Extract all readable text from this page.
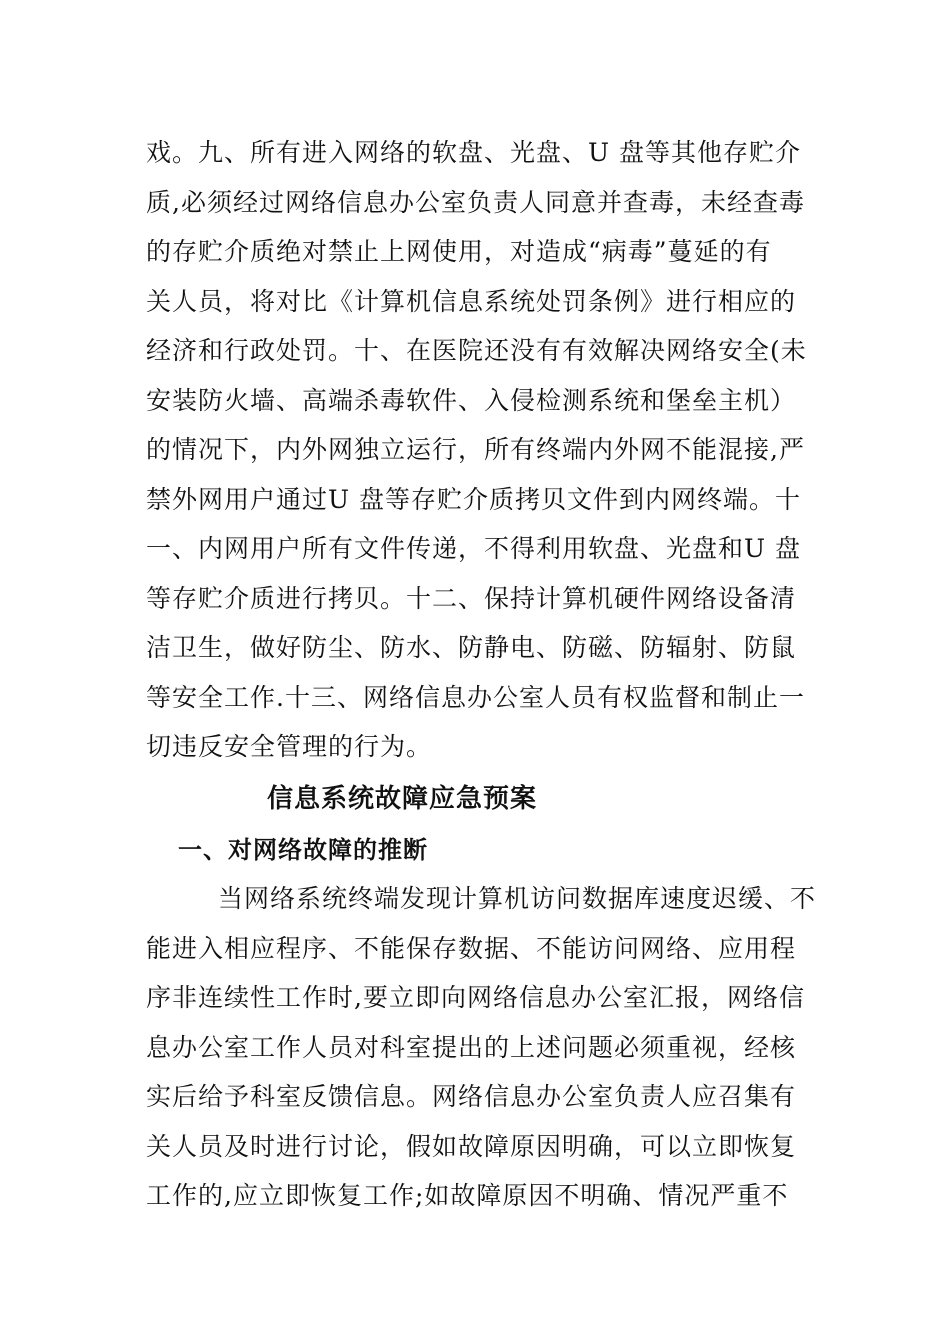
戏。九、所有进入网络的软盘、光盘、U 盘等其他存贮介
质,必须经过网络信息办公室负责人同意并查毒，未经查毒
的存贮介质绝对禁止上网使用，对造成“病毒”蔓延的有
关人员，将对比《计算机信息系统处罚条例》进行相应的
经济和行政处罚。十、在医院还没有有效解决网络安全(未
安装防火墙、高端杀毒软件、入侵检测系统和堡垒主机）
的情况下，内外网独立运行，所有终端内外网不能混接,严
禁外网用户通过U 盘等存贮介质拷贝文件到内网终端。十
一、内网用户所有文件传递，不得利用软盘、光盘和U 盘
等存贮介质进行拷贝。十二、保持计算机硬件网络设备清
洁卫生，做好防尘、防水、防静电、防磁、防辐射、防鼠
等安全工作.十三、网络信息办公室人员有权监督和制止一
切违反安全管理的行为。
信息系统故障应急预案
一、对网络故障的推断
当网络系统终端发现计算机访问数据库速度迟缓、不
能进入相应程序、不能保存数据、不能访问网络、应用程
序非连续性工作时,要立即向网络信息办公室汇报，网络信
息办公室工作人员对科室提出的上述问题必须重视，经核
实后给予科室反馈信息。网络信息办公室负责人应召集有
关人员及时进行讨论，假如故障原因明确，可以立即恢复
工作的,应立即恢复工作;如故障原因不明确、情况严重不
